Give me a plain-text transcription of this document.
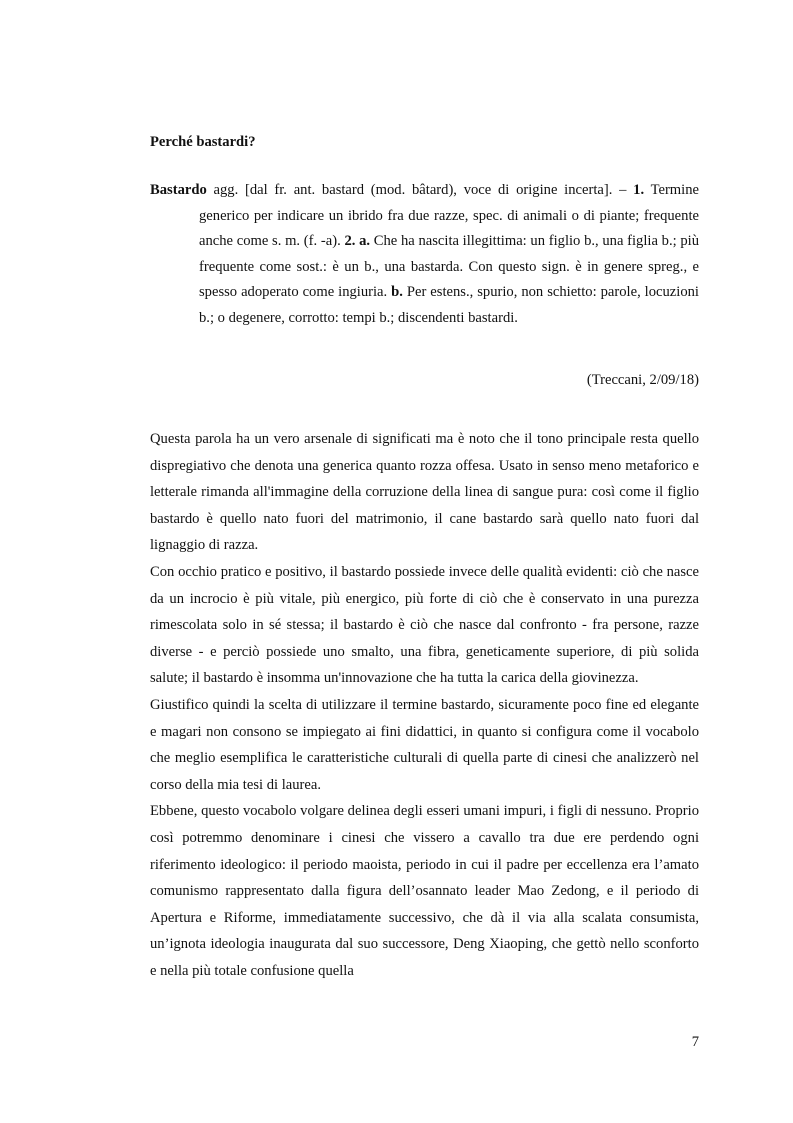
Perché bastardi?

Bastardo agg. [dal fr. ant. bastard (mod. bâtard), voce di origine incerta]. – 1. Termine generico per indicare un ibrido fra due razze, spec. di animali o di piante; frequente anche come s. m. (f. -a). 2. a. Che ha nascita illegittima: un figlio b., una figlia b.; più frequente come sost.: è un b., una bastarda. Con questo sign. è in genere spreg., e spesso adoperato come ingiuria. b. Per estens., spurio, non schietto: parole, locuzioni b.; o degenere, corrotto: tempi b.; discendenti bastardi.

(Treccani, 2/09/18)

Questa parola ha un vero arsenale di significati ma è noto che il tono principale resta quello dispregiativo che denota una generica quanto rozza offesa. Usato in senso meno metaforico e letterale rimanda all'immagine della corruzione della linea di sangue pura: così come il figlio bastardo è quello nato fuori del matrimonio, il cane bastardo sarà quello nato fuori dal lignaggio di razza.

Con occhio pratico e positivo, il bastardo possiede invece delle qualità evidenti: ciò che nasce da un incrocio è più vitale, più energico, più forte di ciò che è conservato in una purezza rimescolata solo in sé stessa; il bastardo è ciò che nasce dal confronto - fra persone, razze diverse - e perciò possiede uno smalto, una fibra, geneticamente superiore, di più solida salute; il bastardo è insomma un'innovazione che ha tutta la carica della giovinezza.

Giustifico quindi la scelta di utilizzare il termine bastardo, sicuramente poco fine ed elegante e magari non consono se impiegato ai fini didattici, in quanto si configura come il vocabolo che meglio esemplifica le caratteristiche culturali di quella parte di cinesi che analizzerò nel corso della mia tesi di laurea.

Ebbene, questo vocabolo volgare delinea degli esseri umani impuri, i figli di nessuno. Proprio così potremmo denominare i cinesi che vissero a cavallo tra due ere perdendo ogni riferimento ideologico: il periodo maoista, periodo in cui il padre per eccellenza era l’amato comunismo rappresentato dalla figura dell’osannato leader Mao Zedong, e il periodo di Apertura e Riforme, immediatamente successivo, che dà il via alla scalata consumista, un’ignota ideologia inaugurata dal suo successore, Deng Xiaoping, che gettò nello sconforto e nella più totale confusione quella

7
